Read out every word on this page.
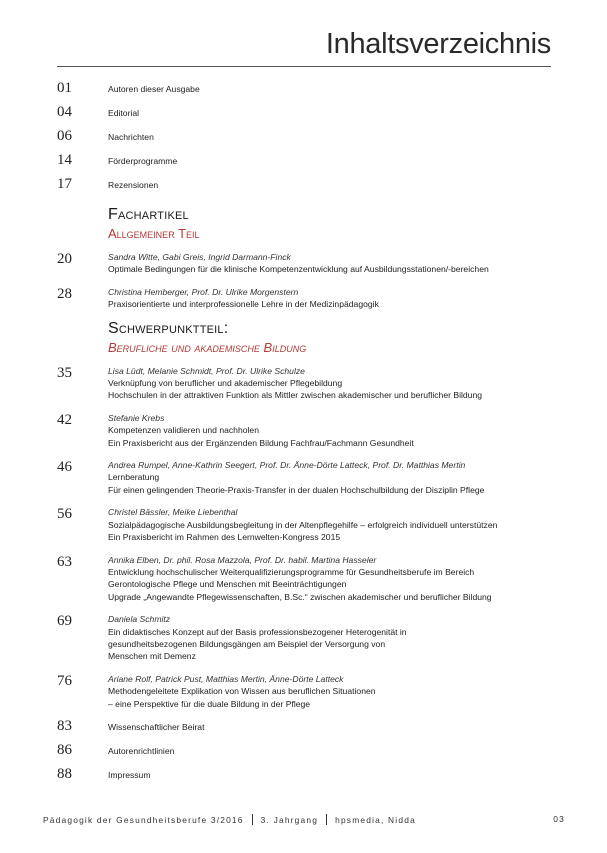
Inhaltsverzeichnis
01	Autoren dieser Ausgabe
04	Editorial
06	Nachrichten
14	Förderprogramme
17	Rezensionen
Fachartikel
Allgemeiner Teil
20	Sandra Witte, Gabi Greis, Ingrid Darmann-Finck
Optimale Bedingungen für die klinische Kompetenzentwicklung auf Ausbildungsstationen/-bereichen
28	Christina Hemberger, Prof. Dr. Ulrike Morgenstern
Praxisorientierte und interprofessionelle Lehre in der Medizinpädagogik
Schwerpunktteil:
Berufliche und akademische Bildung
35	Lisa Lüdt, Melanie Schmidt, Prof. Dr. Ulrike Schulze
Verknüpfung von beruflicher und akademischer Pflegebildung
Hochschulen in der attraktiven Funktion als Mittler zwischen akademischer und beruflicher Bildung
42	Stefanie Krebs
Kompetenzen validieren und nachholen
Ein Praxisbericht aus der Ergänzenden Bildung Fachfrau/Fachmann Gesundheit
46	Andrea Rumpel, Anne-Kathrin Seegert, Prof. Dr. Änne-Dörte Latteck, Prof. Dr. Matthias Mertin
Lernberatung
Für einen gelingenden Theorie-Praxis-Transfer in der dualen Hochschulbildung der Disziplin Pflege
56	Christel Bässler, Meike Liebenthal
Sozialpädagogische Ausbildungsbegleitung in der Altenpflegehilfe – erfolgreich individuell unterstützen
Ein Praxisbericht im Rahmen des Lernwelten-Kongress 2015
63	Annika Elben, Dr. phil. Rosa Mazzola, Prof. Dr. habil. Martina Hasseler
Entwicklung hochschulischer Weiterqualifizierungsprogramme für Gesundheitsberufe im Bereich
Gerontologische Pflege und Menschen mit Beeinträchtigungen
Upgrade „Angewandte Pflegewissenschaften, B.Sc.“ zwischen akademischer und beruflicher Bildung
69	Daniela Schmitz
Ein didaktisches Konzept auf der Basis professionsbezogener Heterogenität in
gesundheitsbezogenen Bildungsgängen am Beispiel der Versorgung von
Menschen mit Demenz
76	Ariane Rolf, Patrick Pust, Matthias Mertin, Änne-Dörte Latteck
Methodengeleitete Explikation von Wissen aus beruflichen Situationen
– eine Perspektive für die duale Bildung in der Pflege
83	Wissenschaftlicher Beirat
86	Autorenrichtlinien
88	Impressum
Pädagogik der Gesundheitsberufe 3/2016 3. Jahrgang hpsmedia, Nidda	03
